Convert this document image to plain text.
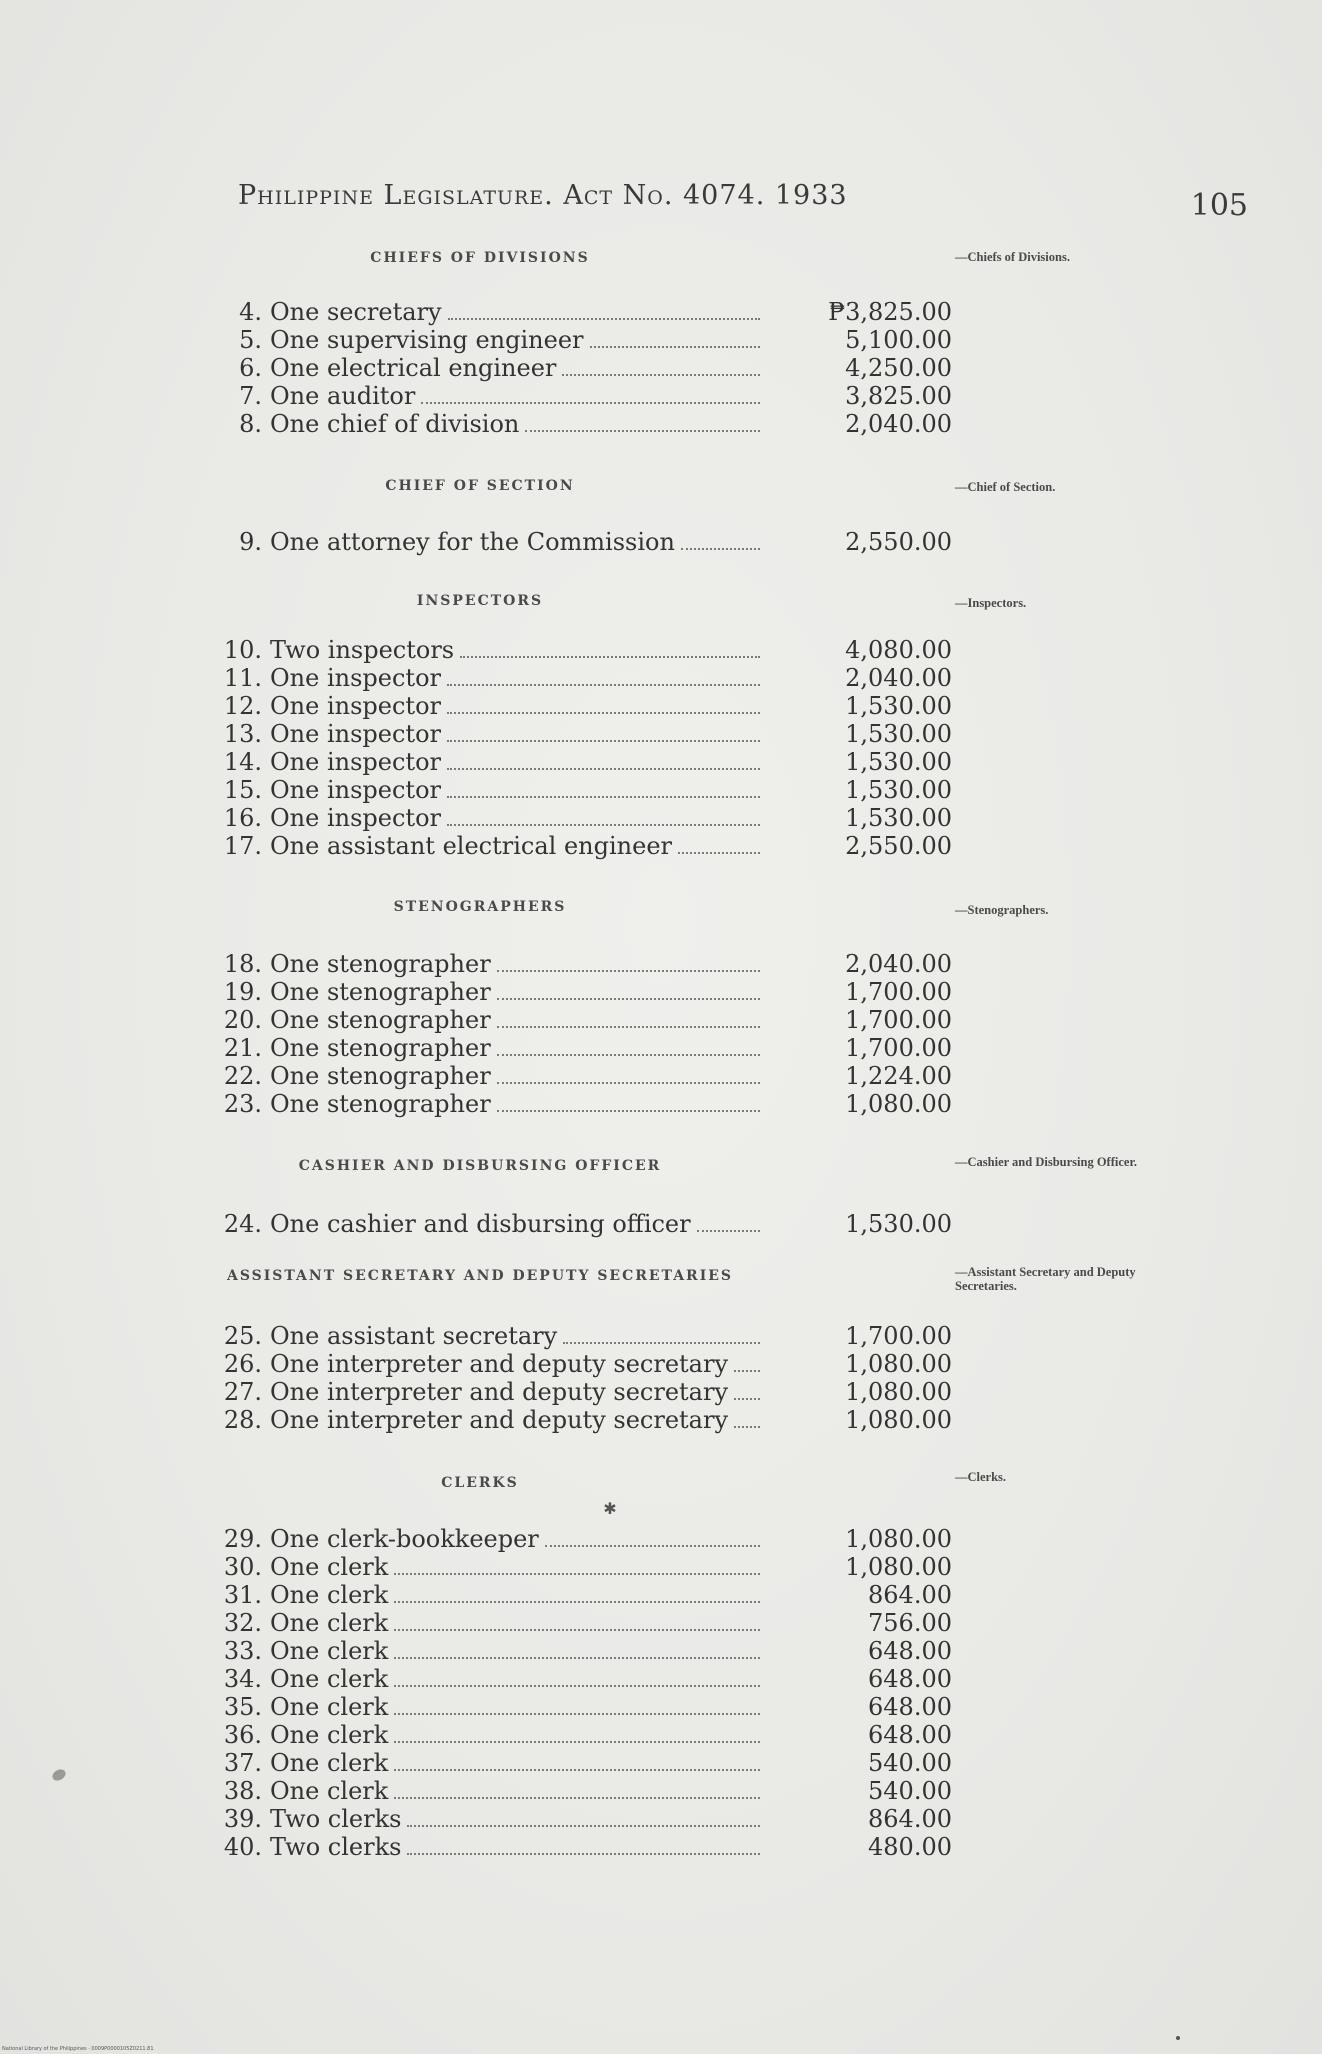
Philippine Legislature. Act No. 4074. 1933	105
CHIEFS OF DIVISIONS	—Chiefs of Divisions.
4. One secretary	₱3,825.00
5. One supervising engineer	5,100.00
6. One electrical engineer	4,250.00
7. One auditor	3,825.00
8. One chief of division	2,040.00
CHIEF OF SECTION	—Chief of Section.
9. One attorney for the Commission	2,550.00
INSPECTORS	—Inspectors.
10. Two inspectors	4,080.00
11. One inspector	2,040.00
12. One inspector	1,530.00
13. One inspector	1,530.00
14. One inspector	1,530.00
15. One inspector	1,530.00
16. One inspector	1,530.00
17. One assistant electrical engineer	2,550.00
STENOGRAPHERS	—Stenographers.
18. One stenographer	2,040.00
19. One stenographer	1,700.00
20. One stenographer	1,700.00
21. One stenographer	1,700.00
22. One stenographer	1,224.00
23. One stenographer	1,080.00
CASHIER AND DISBURSING OFFICER	—Cashier and Disbursing Officer.
24. One cashier and disbursing officer	1,530.00
ASSISTANT SECRETARY AND DEPUTY SECRETARIES	—Assistant Secretary and Deputy Secretaries.
25. One assistant secretary	1,700.00
26. One interpreter and deputy secretary	1,080.00
27. One interpreter and deputy secretary	1,080.00
28. One interpreter and deputy secretary	1,080.00
CLERKS	—Clerks.
29. One clerk-bookkeeper	1,080.00
30. One clerk	1,080.00
31. One clerk	864.00
32. One clerk	756.00
33. One clerk	648.00
34. One clerk	648.00
35. One clerk	648.00
36. One clerk	648.00
37. One clerk	540.00
38. One clerk	540.00
39. Two clerks	864.00
40. Two clerks	480.00
✱
National Library of the Philippines · 0009P0000105Z0211.81
